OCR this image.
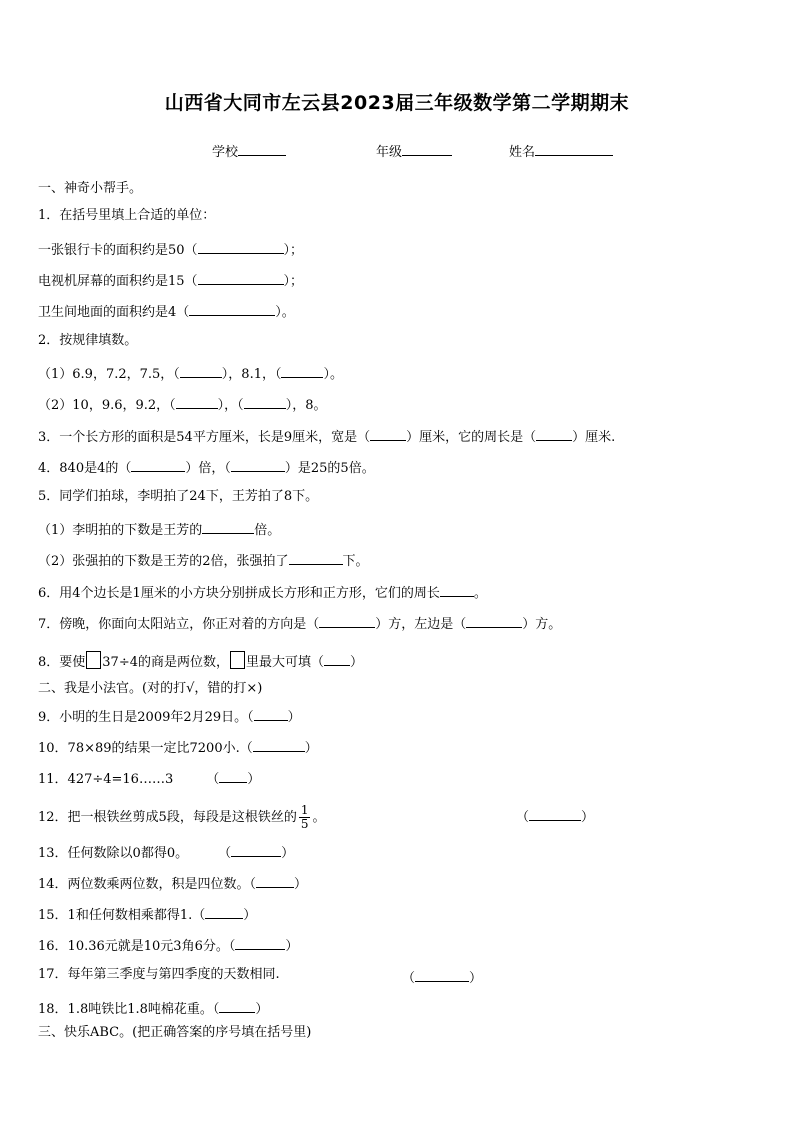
山西省大同市左云县2023届三年级数学第二学期期末
学校	年级	姓名
一、神奇小帮手。
1．在括号里填上合适的单位：
一张银行卡的面积约是50（	）；
电视机屏幕的面积约是15（	）；
卫生间地面的面积约是4（	）。
2．按规律填数。
（1）6.9，7.2，7.5，（	），8.1，（	）。
（2）10，9.6，9.2，（	），（	），8。
3．一个长方形的面积是54平方厘米，长是9厘米，宽是（	）厘米，它的周长是（	）厘米.
4．840是4的（	）倍，（	）是25的5倍。
5．同学们拍球，李明拍了24下，王芳拍了8下。
（1）李明拍的下数是王芳的	倍。
（2）张强拍的下数是王芳的2倍，张强拍了	下。
6．用4个边长是1厘米的小方块分别拼成长方形和正方形，它们的周长	。
7．傍晚，你面向太阳站立，你正对着的方向是（	）方，左边是（	）方。
8．要使 37÷4的商是两位数， 里最大可填（ ）
二、我是小法官。(对的打√，错的打×)
9．小明的生日是2009年2月29日。（	）
10．78×89的结果一定比7200小.（	）
11．427÷4=16……3	（ ）
12．把一根铁丝剪成5段，每段是这根铁丝的 $\frac{1}{5}$ 。	（	）
13．任何数除以0都得0。 （	）
14．两位数乘两位数，积是四位数。（	）
15．1和任何数相乘都得1.（	）
16．10.36元就是10元3角6分。（	）
17．每年第三季度与第四季度的天数相同.	（	）
18．1.8吨铁比1.8吨棉花重。（	）
三、快乐ABC。(把正确答案的序号填在括号里)
